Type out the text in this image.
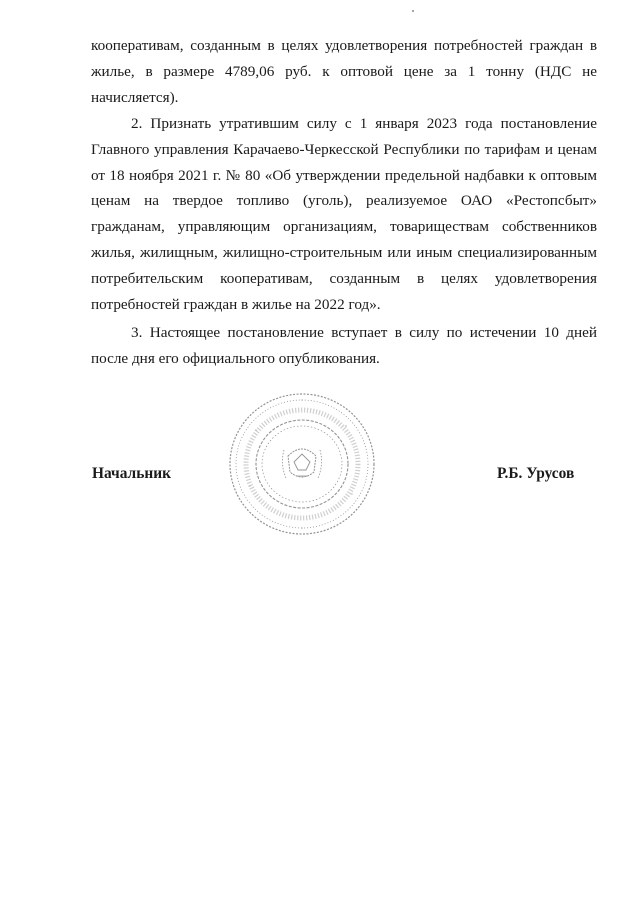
кооперативам, созданным в целях удовлетворения потребностей граждан в жилье, в размере 4789,06 руб. к оптовой цене за 1 тонну (НДС не начисляется).

2. Признать утратившим силу с 1 января 2023 года постановление Главного управления Карачаево-Черкесской Республики по тарифам и ценам от 18 ноября 2021 г. № 80 «Об утверждении предельной надбавки к оптовым ценам на твердое топливо (уголь), реализуемое ОАО «Рестопсбыт» гражданам, управляющим организациям, товариществам собственников жилья, жилищным, жилищно-строительным или иным специализированным потребительским кооперативам, созданным в целях удовлетворения потребностей граждан в жилье на 2022 год».

3. Настоящее постановление вступает в силу по истечении 10 дней после дня его официального опубликования.

Начальник	Р.Б. Урусов
